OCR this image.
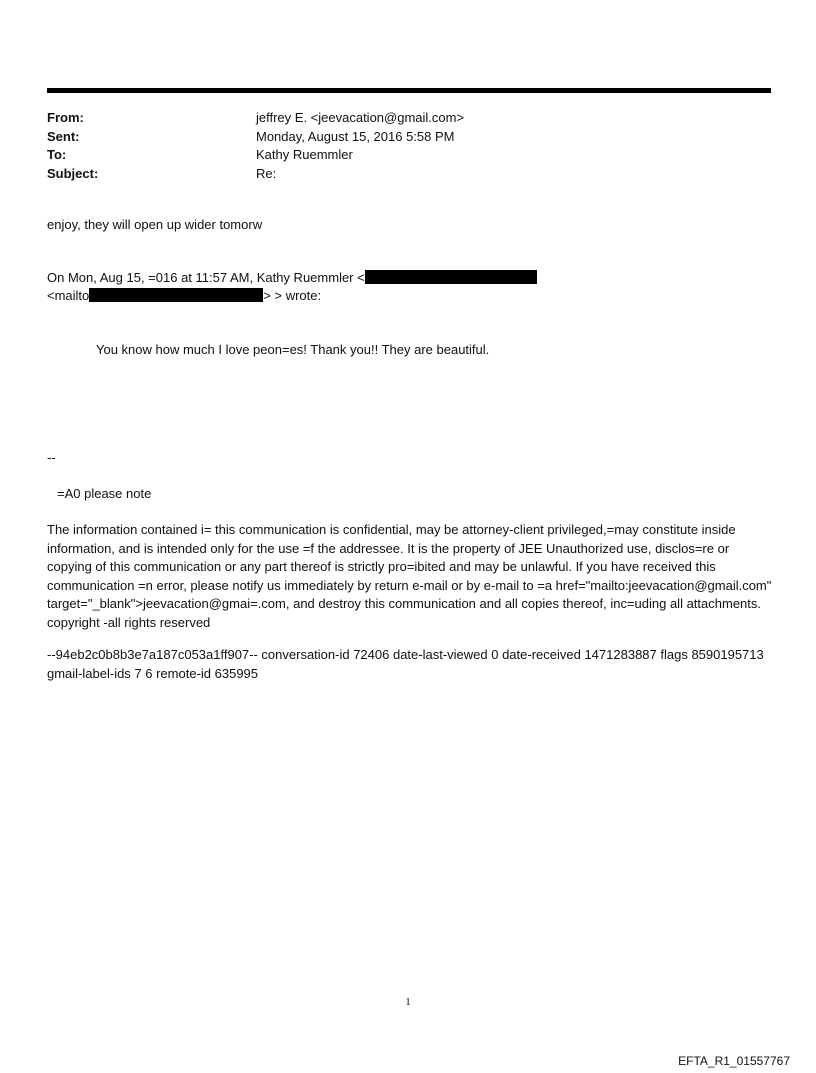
From:	jeffrey E. <jeevacation@gmail.com>
Sent:	Monday, August 15, 2016 5:58 PM
To:	Kathy Ruemmler
Subject:	Re:
enjoy, they will open up wider tomorw
On Mon, Aug 15, =016 at 11:57 AM, Kathy Ruemmler <
<mailto	> > wrote:
You know how much I love peon=es! Thank you!! They are beautiful.
--
=A0 please note
The information contained i= this communication is confidential, may be attorney-client privileged,=may constitute inside information, and is intended only for the use =f the addressee. It is the property of JEE Unauthorized use, disclos=re or copying of this communication or any part thereof is strictly pro=ibited and may be unlawful. If you have received this communication =n error, please notify us immediately by return e-mail or by e-mail to =a href="mailto:jeevacation@gmail.com" target="_blank">jeevacation@gmai=.com, and destroy this communication and all copies thereof, inc=uding all attachments. copyright -all rights reserved
--94eb2c0b8b3e7a187c053a1ff907-- conversation-id 72406 date-last-viewed 0 date-received 1471283887 flags 8590195713 gmail-label-ids 7 6 remote-id 635995
1
EFTA_R1_01557767
